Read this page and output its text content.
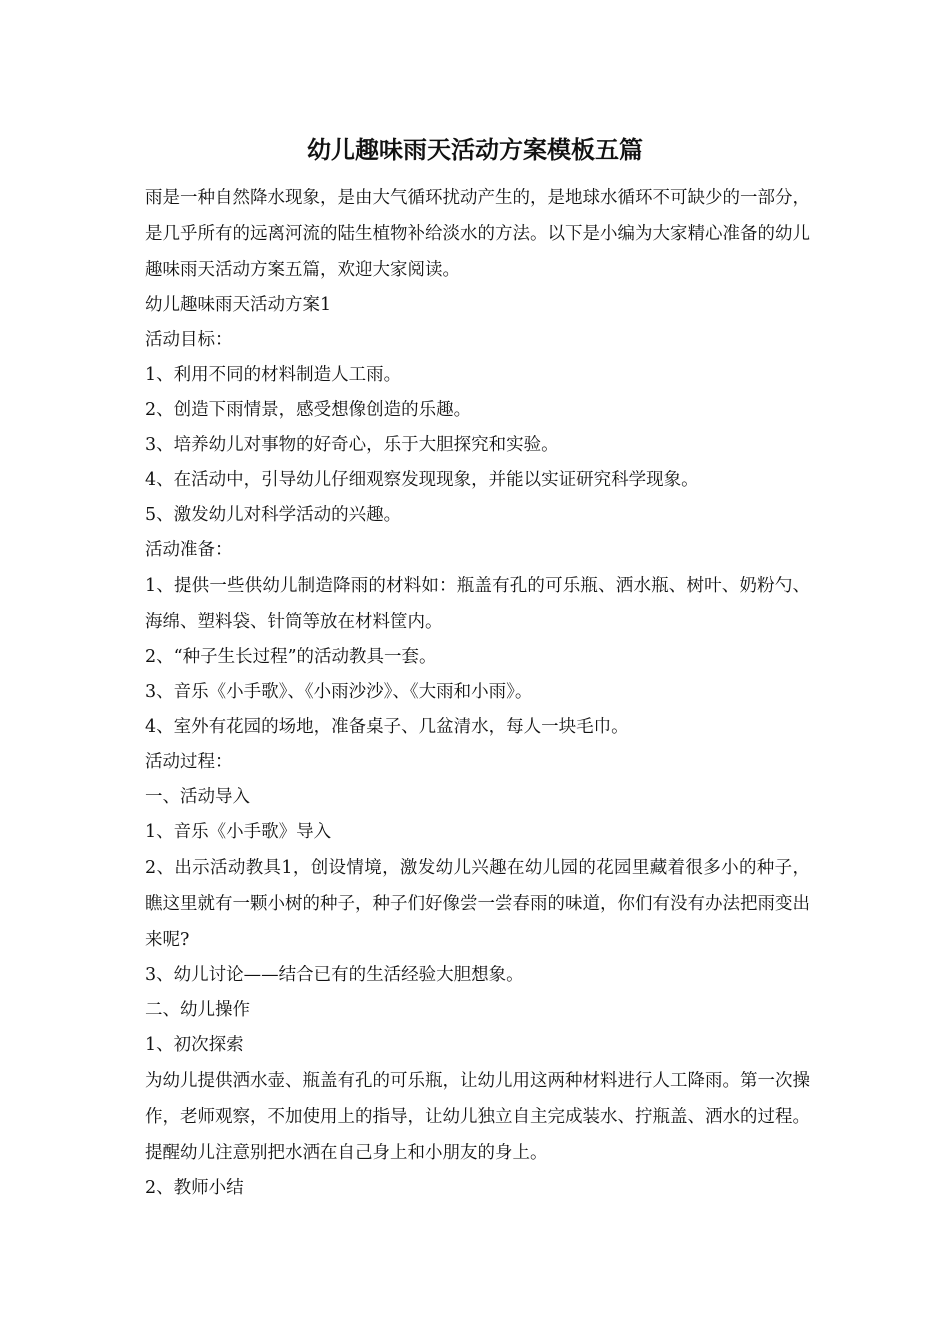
幼儿趣味雨天活动方案模板五篇

雨是一种自然降水现象，是由大气循环扰动产生的，是地球水循环不可缺少的一部分，是几乎所有的远离河流的陆生植物补给淡水的方法。以下是小编为大家精心准备的幼儿趣味雨天活动方案五篇，欢迎大家阅读。

幼儿趣味雨天活动方案1

活动目标：

1、利用不同的材料制造人工雨。

2、创造下雨情景，感受想像创造的乐趣。

3、培养幼儿对事物的好奇心，乐于大胆探究和实验。

4、在活动中，引导幼儿仔细观察发现现象，并能以实证研究科学现象。

5、激发幼儿对科学活动的兴趣。

活动准备：

1、提供一些供幼儿制造降雨的材料如：瓶盖有孔的可乐瓶、洒水瓶、树叶、奶粉勺、海绵、塑料袋、针筒等放在材料筐内。

2、“种子生长过程”的活动教具一套。

3、音乐《小手歌》、《小雨沙沙》、《大雨和小雨》。

4、室外有花园的场地，准备桌子、几盆清水，每人一块毛巾。

活动过程：

一、活动导入

1、音乐《小手歌》导入

2、出示活动教具1，创设情境，激发幼儿兴趣在幼儿园的花园里藏着很多小的种子，瞧这里就有一颗小树的种子，种子们好像尝一尝春雨的味道，你们有没有办法把雨变出来呢?

3、幼儿讨论——结合已有的生活经验大胆想象。

二、幼儿操作

1、初次探索

为幼儿提供洒水壶、瓶盖有孔的可乐瓶，让幼儿用这两种材料进行人工降雨。第一次操作，老师观察，不加使用上的指导，让幼儿独立自主完成装水、拧瓶盖、洒水的过程。提醒幼儿注意别把水洒在自己身上和小朋友的身上。

2、教师小结
